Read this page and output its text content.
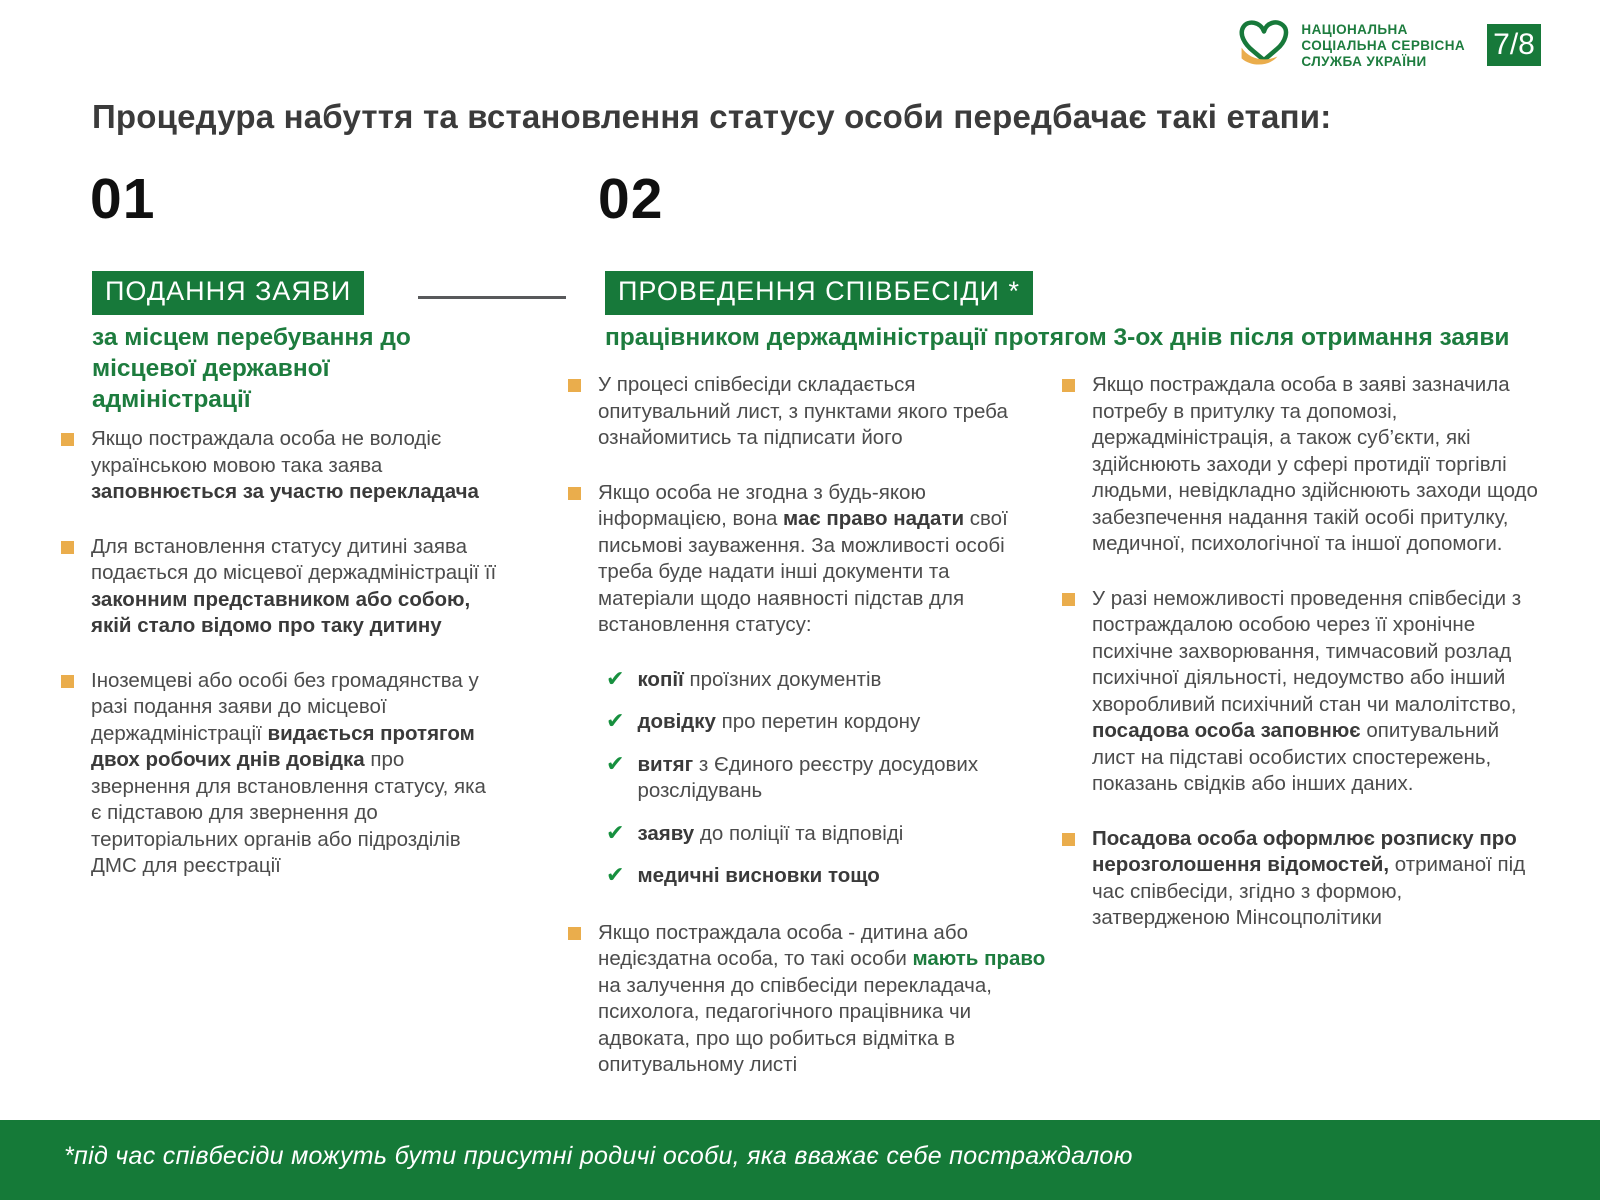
НАЦІОНАЛЬНА
СОЦІАЛЬНА СЕРВІСНА
СЛУЖБА УКРАЇНИ
7/8
Процедура набуття та встановлення статусу особи передбачає такі етапи:
01	02
ПОДАННЯ ЗАЯВИ	ПРОВЕДЕННЯ СПІВБЕСІДИ *
за місцем перебування до місцевої державної адміністрації
працівником держадміністрації протягом 3-ох днів після отримання заяви
Якщо постраждала особа не володіє українською мовою така заява заповнюється за участю перекладача
Для встановлення статусу дитині заява подається до місцевої держадміністрації її законним представником або собою, якій стало відомо про таку дитину
Іноземцеві або особі без громадянства у разі подання заяви до місцевої держадміністрації видається протягом двох робочих днів довідка про звернення для встановлення статусу, яка є підставою для звернення до територіальних органів або підрозділів ДМС для реєстрації
У процесі співбесіди складається опитувальний лист, з пунктами якого треба ознайомитись та підписати його
Якщо особа не згодна з будь-якою інформацією, вона має право надати свої письмові зауваження. За можливості особі треба буде надати інші документи та матеріали щодо наявності підстав для встановлення статусу:
✔ копії проїзних документів
✔ довідку про перетин кордону
✔ витяг з Єдиного реєстру досудових розслідувань
✔ заяву до поліції та відповіді
✔ медичні висновки тощо
Якщо постраждала особа - дитина або недієздатна особа, то такі особи мають право на залучення до співбесіди перекладача, психолога, педагогічного працівника чи адвоката, про що робиться відмітка в опитувальному листі
Якщо постраждала особа в заяві зазначила потребу в притулку та допомозі, держадміністрація, а також суб’єкти, які здійснюють заходи у сфері протидії торгівлі людьми, невідкладно здійснюють заходи щодо забезпечення надання такій особі притулку, медичної, психологічної та іншої допомоги.
У разі неможливості проведення співбесіди з постраждалою особою через її хронічне психічне захворювання, тимчасовий розлад психічної діяльності, недоумство або інший хворобливий психічний стан чи малолітство, посадова особа заповнює опитувальний лист на підставі особистих спостережень, показань свідків або інших даних.
Посадова особа оформлює розписку про нерозголошення відомостей, отриманої під час співбесіди, згідно з формою, затвердженою Мінсоцполітики
*під час співбесіди можуть бути присутні родичі особи, яка вважає себе постраждалою
